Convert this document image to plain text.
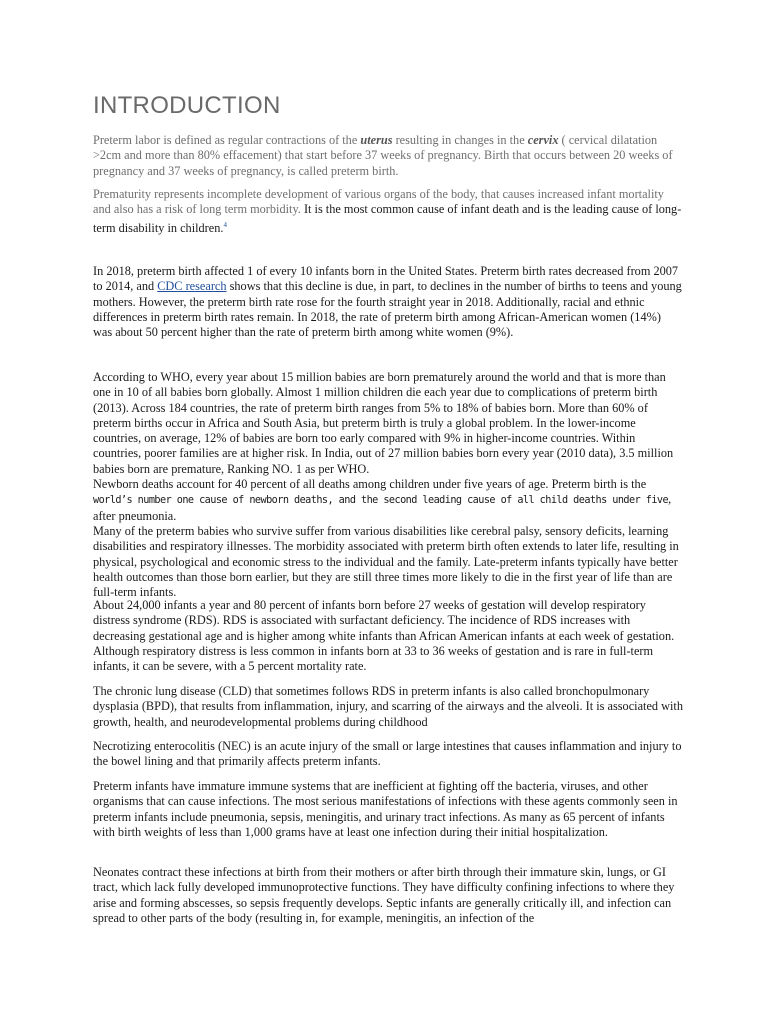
INTRODUCTION

Preterm labor is defined as regular contractions of the uterus resulting in changes in the cervix ( cervical dilatation >2cm and more than 80% effacement) that start before 37 weeks of pregnancy. Birth that occurs between 20 weeks of pregnancy and 37 weeks of pregnancy, is called preterm birth.

Prematurity represents incomplete development of various organs of the body, that causes increased infant mortality and also has a risk of long term morbidity. It is the most common cause of infant death and is the leading cause of long-term disability in children.$^4$

In 2018, preterm birth affected 1 of every 10 infants born in the United States. Preterm birth rates decreased from 2007 to 2014, and CDC research shows that this decline is due, in part, to declines in the number of births to teens and young mothers. However, the preterm birth rate rose for the fourth straight year in 2018. Additionally, racial and ethnic differences in preterm birth rates remain. In 2018, the rate of preterm birth among African-American women (14%) was about 50 percent higher than the rate of preterm birth among white women (9%).

According to WHO, every year about 15 million babies are born prematurely around the world and that is more than one in 10 of all babies born globally. Almost 1 million children die each year due to complications of preterm birth (2013). Across 184 countries, the rate of preterm birth ranges from 5% to 18% of babies born. More than 60% of preterm births occur in Africa and South Asia, but preterm birth is truly a global problem. In the lower-income countries, on average, 12% of babies are born too early compared with 9% in higher-income countries. Within countries, poorer families are at higher risk. In India, out of 27 million babies born every year (2010 data), 3.5 million babies born are premature, Ranking NO. 1 as per WHO.
Newborn deaths account for 40 percent of all deaths among children under five years of age. Preterm birth is the world’s number one cause of newborn deaths, and the second leading cause of all child deaths under five, after pneumonia.
Many of the preterm babies who survive suffer from various disabilities like cerebral palsy, sensory deficits, learning disabilities and respiratory illnesses. The morbidity associated with preterm birth often extends to later life, resulting in physical, psychological and economic stress to the individual and the family. Late-preterm infants typically have better health outcomes than those born earlier, but they are still three times more likely to die in the first year of life than are full-term infants.

About 24,000 infants a year and 80 percent of infants born before 27 weeks of gestation will develop respiratory distress syndrome (RDS). RDS is associated with surfactant deficiency. The incidence of RDS increases with decreasing gestational age and is higher among white infants than African American infants at each week of gestation. Although respiratory distress is less common in infants born at 33 to 36 weeks of gestation and is rare in full-term infants, it can be severe, with a 5 percent mortality rate.

The chronic lung disease (CLD) that sometimes follows RDS in preterm infants is also called bronchopulmonary dysplasia (BPD), that results from inflammation, injury, and scarring of the airways and the alveoli. It is associated with growth, health, and neurodevelopmental problems during childhood

Necrotizing enterocolitis (NEC) is an acute injury of the small or large intestines that causes inflammation and injury to the bowel lining and that primarily affects preterm infants.

Preterm infants have immature immune systems that are inefficient at fighting off the bacteria, viruses, and other organisms that can cause infections. The most serious manifestations of infections with these agents commonly seen in preterm infants include pneumonia, sepsis, meningitis, and urinary tract infections. As many as 65 percent of infants with birth weights of less than 1,000 grams have at least one infection during their initial hospitalization.

Neonates contract these infections at birth from their mothers or after birth through their immature skin, lungs, or GI tract, which lack fully developed immunoprotective functions. They have difficulty confining infections to where they arise and forming abscesses, so sepsis frequently develops. Septic infants are generally critically ill, and infection can spread to other parts of the body (resulting in, for example, meningitis, an infection of the
